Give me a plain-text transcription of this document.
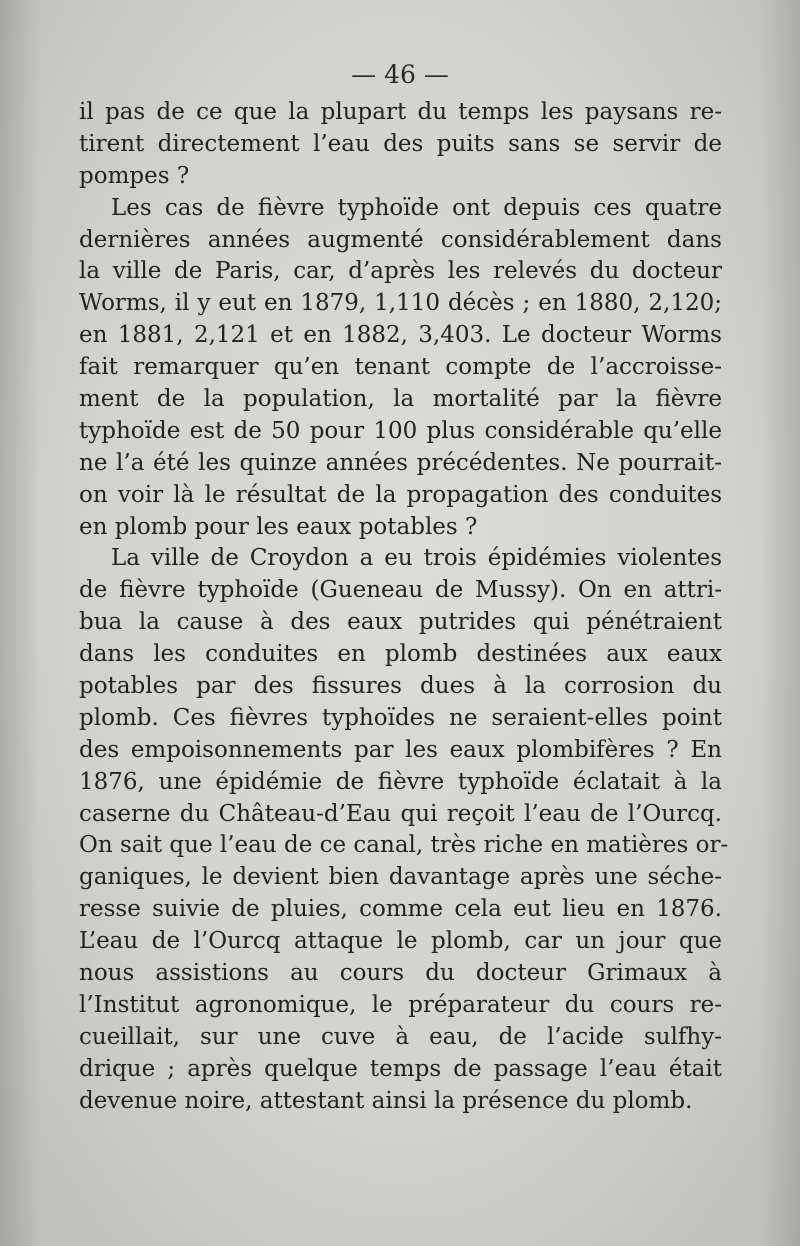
— 46 —

il pas de ce que la plupart du temps les paysans re-
tirent directement l’eau des puits sans se servir de
pompes ?

Les cas de fièvre typhoïde ont depuis ces quatre
dernières années augmenté considérablement dans
la ville de Paris, car, d’après les relevés du docteur
Worms, il y eut en 1879, 1,110 décès ; en 1880, 2,120;
en 1881, 2,121 et en 1882, 3,403. Le docteur Worms
fait remarquer qu’en tenant compte de l’accroisse-
ment de la population, la mortalité par la fièvre
typhoïde est de 50 pour 100 plus considérable qu’elle
ne l’a été les quinze années précédentes. Ne pourrait-
on voir là le résultat de la propagation des conduites
en plomb pour les eaux potables ?

La ville de Croydon a eu trois épidémies violentes
de fièvre typhoïde (Gueneau de Mussy). On en attri-
bua la cause à des eaux putrides qui pénétraient
dans les conduites en plomb destinées aux eaux
potables par des fissures dues à la corrosion du
plomb. Ces fièvres typhoïdes ne seraient-elles point
des empoisonnements par les eaux plombifères ? En
1876, une épidémie de fièvre typhoïde éclatait à la
caserne du Château-d’Eau qui reçoit l’eau de l’Ourcq.
On sait que l’eau de ce canal, très riche en matières or-
ganiques, le devient bien davantage après une séche-
resse suivie de pluies, comme cela eut lieu en 1876.
L’eau de l’Ourcq attaque le plomb, car un jour que
nous assistions au cours du docteur Grimaux à
l’Institut agronomique, le préparateur du cours re-
cueillait, sur une cuve à eau, de l’acide sulfhy-
drique ; après quelque temps de passage l’eau était
devenue noire, attestant ainsi la présence du plomb.
